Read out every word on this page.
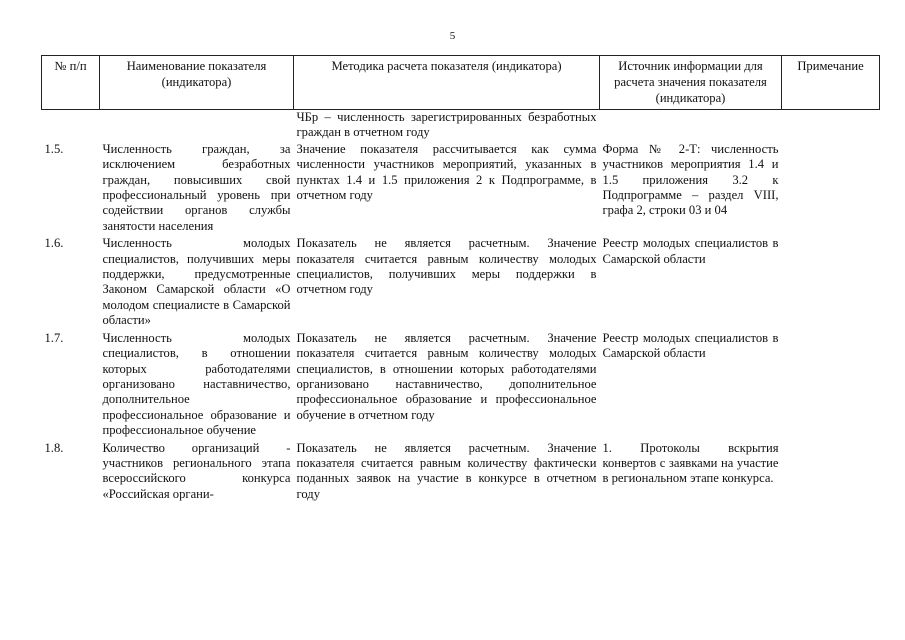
5
№ п/п	Наименование показателя (индикатора)	Методика расчета показателя (индикатора)	Источник информации для расчета значения показателя (индикатора)	Примечание
		ЧБр – численность зарегистрированных безработных граждан в отчетном году		
1.5.	Численность граждан, за исключением безработных граждан, повысивших свой профессиональный уровень при содействии органов службы занятости населения	Значение показателя рассчитывается как сумма численности участников мероприятий, указанных в пунктах 1.4 и 1.5 приложения 2 к Подпрограмме, в отчетном году	Форма № 2-Т: численность участников мероприятия 1.4 и 1.5 приложения 3.2 к Подпрограмме – раздел VIII, графа 2, строки 03 и 04	
1.6.	Численность молодых специалистов, получивших меры поддержки, предусмотренные Законом Самарской области «О молодом специалисте в Самарской области»	Показатель не является расчетным. Значение показателя считается равным количеству молодых специалистов, получивших меры поддержки в отчетном году	Реестр молодых специалистов в Самарской области	
1.7.	Численность молодых специалистов, в отношении которых работодателями организовано наставничество, дополнительное профессиональное образование и профессиональное обучение	Показатель не является расчетным. Значение показателя считается равным количеству молодых специалистов, в отношении которых работодателями организовано наставничество, дополнительное профессиональное образование и профессиональное обучение в отчетном году	Реестр молодых специалистов в Самарской области	
1.8.	Количество организаций - участников регионального этапа всероссийского конкурса «Российская органи-	Показатель не является расчетным. Значение показателя считается равным количеству фактически поданных заявок на участие в конкурсе в отчетном году	1. Протоколы вскрытия конвертов с заявками на участие в региональном этапе конкурса.	
